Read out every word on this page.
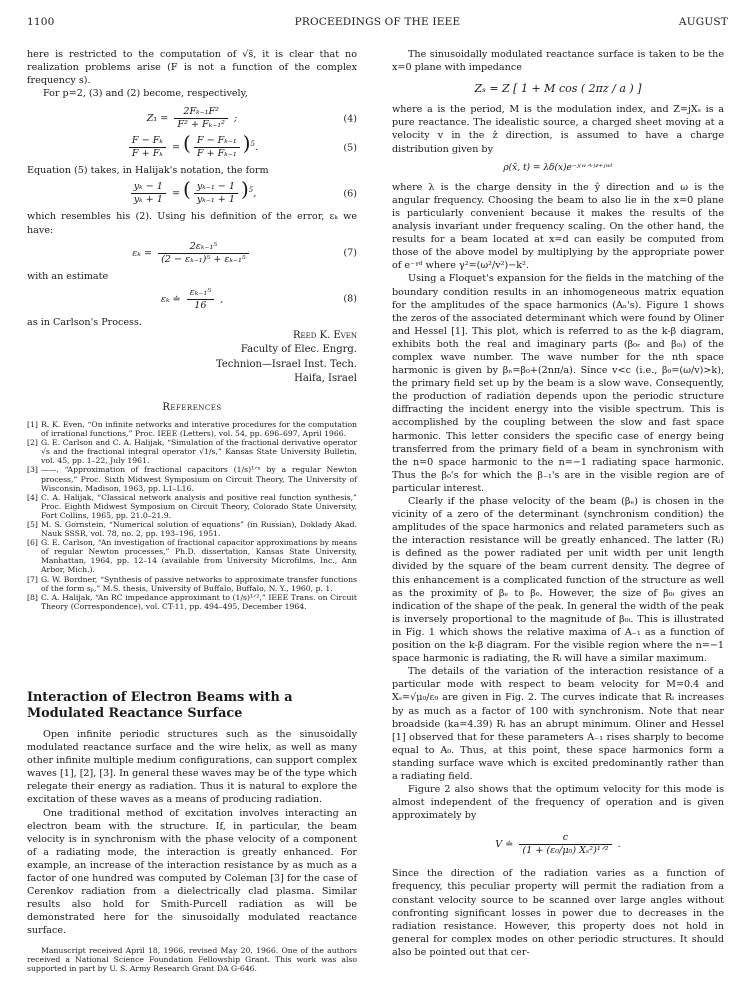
1100	PROCEEDINGS OF THE IEEE	AUGUST

here is restricted to the computation of √s̄, it is clear that no realization problems arise (F is not a function of the complex frequency s).

For p=2, (3) and (2) become, respectively,

$Z_1 = \frac{\text{2Fₖ₋₁F²}}{\text{F² + Fₖ₋₁²}}$ ;	(4)
$\frac{\text{F − Fₖ}}{\text{F + Fₖ}}$ = ( $\frac{\text{F − Fₖ₋₁}}{\text{F + Fₖ₋₁}} )^5$.	(5)

Equation (5) takes, in Halijak's notation, the form

$\frac{\text{yₖ − 1}}{\text{yₖ + 1}}$ = ( $\frac{\text{yₖ₋₁ − 1}}{\text{yₖ₋₁ + 1}} )^5$,	(6)

which resembles his (2). Using his definition of the error, εₖ we have:

$\varepsilon_k = \frac{\text{2εₖ₋₁⁵}}{\text{(2 − εₖ₋₁)⁵ + εₖ₋₁⁵}}$	(7)

with an estimate

εₖ ≐ $\frac{\text{εₖ₋₁⁵}}{16}$ ,	(8)

as in Carlson's Process.

Reed K. Even
Faculty of Elec. Engrg.
Technion—Israel Inst. Tech.
Haifa, Israel
References
[1] R. K. Even, “On infinite networks and interative procedures for the computation of irrational functions,” Proc. IEEE (Letters), vol. 54, pp. 696–697, April 1966.
[2] G. E. Carlson and C. A. Halijak, “Simulation of the fractional derivative operator √s and the fractional integral operator √1/s,” Kansas State University Bulletin, vol. 45, pp. 1–22, July 1961.
[3] ——, “Approximation of fractional capacitors (1/s)¹ᐟⁿ by a regular Newton process,” Proc. Sixth Midwest Symposium on Circuit Theory, The University of Wisconsin, Madison, 1963, pp. L1–L16.
[4] C. A. Halijak, “Classical network analysis and positive real function synthesis,” Proc. Eighth Midwest Symposium on Circuit Theory, Colorado State University, Fort Collins, 1965, pp. 21.0–21.9.
[5] M. S. Gornstein, “Numerical solution of equations” (in Russian), Doklady Akad. Nauk SSSR, vol. 78, no. 2, pp. 193–196, 1951.
[6] G. E. Carlson, “An investigation of fractional capacitor approximations by means of regular Newton processes,” Ph.D. dissertation, Kansas State University, Manhattan, 1964, pp. 12–14 (available from University Microfilms, Inc., Ann Arbor, Mich.).
[7] G. W. Bordner, “Synthesis of passive networks to approximate transfer functions of the form sₚ,” M.S. thesis, University of Buffalo, Buffalo, N. Y., 1960, p. 1.
[8] C. A. Halijak, “An RC impedance approximant to (1/s)¹ᐟ²,” IEEE Trans. on Circuit Theory (Correspondence), vol. CT-11, pp. 494–495, December 1964.
Interaction of Electron Beams with a Modulated Reactance Surface

Open infinite periodic structures such as the sinusoidally modulated reactance surface and the wire helix, as well as many other infinite multiple medium configurations, can support complex waves [1], [2], [3]. In general these waves may be of the type which relegate their energy as radiation. Thus it is natural to explore the excitation of these waves as a means of producing radiation.

One traditional method of excitation involves interacting an electron beam with the structure. If, in particular, the beam velocity is in synchronism with the phase velocity of a component of a radiating mode, the interaction is greatly enhanced. For example, an increase of the interaction resistance by as much as a factor of one hundred was computed by Coleman [3] for the case of Cerenkov radiation from a dielectrically clad plasma. Similar results also hold for Smith-Purcell radiation as will be demonstrated here for the sinusoidally modulated reactance surface.

Manuscript received April 18, 1966, revised May 20, 1966. One of the authors received a National Science Foundation Fellowship Grant. This work was also supported in part by U. S. Army Research Grant DA G-646.

The sinusoidally modulated reactance surface is taken to be the x=0 plane with impedance

Zₛ = Z [ 1 + M cos ( 2πz / a ) ]

where a is the period, M is the modulation index, and Z=jXₛ is a pure reactance. The idealistic source, a charged sheet moving at a velocity v in the ẑ direction, is assumed to have a charge distribution given by

ρ(x̄, t) = λδ(x)e⁻ʲ⁽ʷᐟᵛ⁾ᶻ⁺ʲʷᵗ

where λ is the charge density in the ŷ direction and ω is the angular frequency. Choosing the beam to also lie in the x=0 plane is particularly convenient because it makes the results of the analysis invariant under frequency scaling. On the other hand, the results for a beam located at x=d can easily be computed from those of the above model by multiplying by the appropriate power of e⁻ᵞᵈ where γ²=(ω²/v²)−k².

Using a Floquet's expansion for the fields in the matching of the boundary condition results in an inhomogeneous matrix equation for the amplitudes of the space harmonics (Aₙ's). Figure 1 shows the zeros of the associated determinant which were found by Oliner and Hessel [1]. This plot, which is referred to as the k-β diagram, exhibits both the real and imaginary parts (β₀ᵣ and β₀ᵢ) of the complex wave number. The wave number for the nth space harmonic is given by βₙ=β₀+(2nπ/a). Since v<c (i.e., β₀=(ω/v)>k), the primary field set up by the beam is a slow wave. Consequently, the production of radiation depends upon the periodic structure diffracting the incident energy into the visible spectrum. This is accomplished by the coupling between the slow and fast space harmonic. This letter considers the specific case of energy being transferred from the primary field of a beam in synchronism with the n=0 space harmonic to the n=−1 radiating space harmonic. Thus the β₀'s for which the β₋₁'s are in the visible region are of particular interest.

Clearly if the phase velocity of the beam (βₑ) is chosen in the vicinity of a zero of the determinant (synchronism condition) the amplitudes of the space harmonics and related parameters such as the interaction resistance will be greatly enhanced. The latter (Rᵢ) is defined as the power radiated per unit width per unit length divided by the square of the beam current density. The degree of this enhancement is a complicated function of the structure as well as the proximity of βₑ to β₀. However, the size of β₀ᵢ gives an indication of the shape of the peak. In general the width of the peak is inversely proportional to the magnitude of β₀ᵢ. This is illustrated in Fig. 1 which shows the relative maxima of A₋₁ as a function of position on the k-β diagram. For the visible region where the n=−1 space harmonic is radiating, the Rᵢ will have a similar maximum.

The details of the variation of the interaction resistance of a particular mode with respect to beam velocity for M=0.4 and Xₛ=√μ₀/ε₀ are given in Fig. 2. The curves indicate that Rᵢ increases by as much as a factor of 100 with synchronism. Note that near broadside (ka=4.39) Rᵢ has an abrupt minimum. Oliner and Hessel [1] observed that for these parameters A₋₁ rises sharply to become equal to A₀. Thus, at this point, these space harmonics form a standing surface wave which is excited predominantly rather than a radiating field.

Figure 2 also shows that the optimum velocity for this mode is almost independent of the frequency of operation and is given approximately by

V ≐ $\frac{c}{\text{(1 + (ε₀/μ₀) Xₛ²)¹ᐟ²}}$ .

Since the direction of the radiation varies as a function of frequency, this peculiar property will permit the radiation from a constant velocity source to be scanned over large angles without confronting significant losses in power due to decreases in the radiation resistance. However, this property does not hold in general for complex modes on other periodic structures. It should also be pointed out that cer-
